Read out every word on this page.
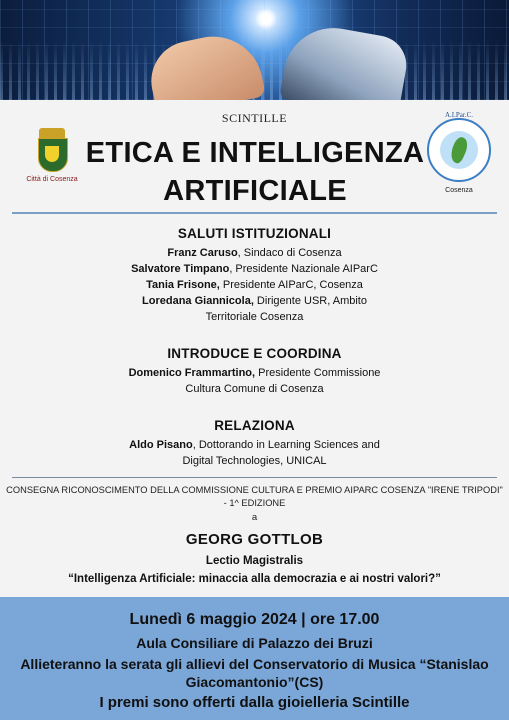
SCINTILLE
ETICA E INTELLIGENZA ARTIFICIALE
Città di Cosenza
A.I.Par.C.
Cosenza
SALUTI ISTITUZIONALI
Franz Caruso, Sindaco di Cosenza
Salvatore Timpano, Presidente Nazionale AIParC
Tania Frisone, Presidente AIParC, Cosenza
Loredana Giannicola, Dirigente USR, Ambito
Territoriale Cosenza
INTRODUCE E COORDINA
Domenico Frammartino, Presidente Commissione
Cultura Comune di Cosenza
RELAZIONA
Aldo Pisano, Dottorando in Learning Sciences and
Digital Technologies, UNICAL
CONSEGNA RICONOSCIMENTO DELLA COMMISSIONE CULTURA E PREMIO AIPARC COSENZA "IRENE TRIPODI" - 1^ EDIZIONE
a
GEORG GOTTLOB
Lectio Magistralis
“Intelligenza Artificiale: minaccia alla democrazia e ai nostri valori?”
Lunedì 6 maggio 2024 | ore 17.00
Aula Consiliare di Palazzo dei Bruzi
Allieteranno la serata gli allievi del Conservatorio di Musica “Stanislao Giacomantonio”(CS)
I premi sono offerti dalla gioielleria Scintille
